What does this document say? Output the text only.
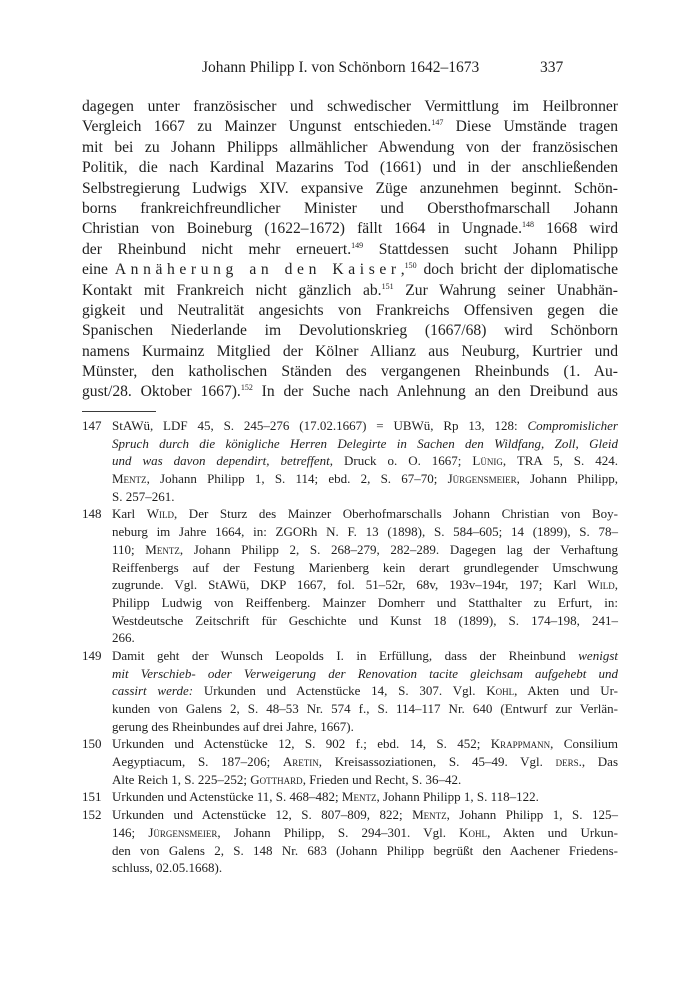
Johann Philipp I. von Schönborn 1642–1673	337
dagegen unter französischer und schwedischer Vermittlung im Heilbronner
Vergleich 1667 zu Mainzer Ungunst entschieden.$^{147}$ Diese Umstände tragen
mit bei zu Johann Philipps allmählicher Abwendung von der französischen
Politik, die nach Kardinal Mazarins Tod (1661) und in der anschließenden
Selbstregierung Ludwigs XIV. expansive Züge anzunehmen beginnt. Schön-
borns frankreichfreundlicher Minister und Obersthofmarschall Johann
Christian von Boineburg (1622–1672) fällt 1664 in Ungnade.$^{148}$ 1668 wird
der Rheinbund nicht mehr erneuert.$^{149}$ Stattdessen sucht Johann Philipp
eine Annäherung an den Kaiser,$^{150}$ doch bricht der diplomatische
Kontakt mit Frankreich nicht gänzlich ab.$^{151}$ Zur Wahrung seiner Unabhän-
gigkeit und Neutralität angesichts von Frankreichs Offensiven gegen die
Spanischen Niederlande im Devolutionskrieg (1667/68) wird Schönborn
namens Kurmainz Mitglied der Kölner Allianz aus Neuburg, Kurtrier und
Münster, den katholischen Ständen des vergangenen Rheinbunds (1. Au-
gust/28. Oktober 1667).$^{152}$ In der Suche nach Anlehnung an den Dreibund aus
147 StAWü, LDF 45, S. 245–276 (17.02.1667) = UBWü, Rp 13, 128: Compromislicher
Spruch durch die königliche Herren Delegirte in Sachen den Wildfang, Zoll, Gleid
und was davon dependirt, betreffent, Druck o. O. 1667; Lünig, TRA 5, S. 424.
Mentz, Johann Philipp 1, S. 114; ebd. 2, S. 67–70; Jürgensmeier, Johann Philipp,
S. 257–261.
148 Karl Wild, Der Sturz des Mainzer Oberhofmarschalls Johann Christian von Boy-
neburg im Jahre 1664, in: ZGORh N. F. 13 (1898), S. 584–605; 14 (1899), S. 78–
110; Mentz, Johann Philipp 2, S. 268–279, 282–289. Dagegen lag der Verhaftung
Reiffenbergs auf der Festung Marienberg kein derart grundlegender Umschwung
zugrunde. Vgl. StAWü, DKP 1667, fol. 51–52r, 68v, 193v–194r, 197; Karl Wild,
Philipp Ludwig von Reiffenberg. Mainzer Domherr und Statthalter zu Erfurt, in:
Westdeutsche Zeitschrift für Geschichte und Kunst 18 (1899), S. 174–198, 241–
266.
149 Damit geht der Wunsch Leopolds I. in Erfüllung, dass der Rheinbund wenigst
mit Verschieb- oder Verweigerung der Renovation tacite gleichsam aufgehebt und
cassirt werde: Urkunden und Actenstücke 14, S. 307. Vgl. Kohl, Akten und Ur-
kunden von Galens 2, S. 48–53 Nr. 574 f., S. 114–117 Nr. 640 (Entwurf zur Verlän-
gerung des Rheinbundes auf drei Jahre, 1667).
150 Urkunden und Actenstücke 12, S. 902 f.; ebd. 14, S. 452; Krappmann, Consilium
Aegyptiacum, S. 187–206; Aretin, Kreisassoziationen, S. 45–49. Vgl. ders., Das
Alte Reich 1, S. 225–252; Gotthard, Frieden und Recht, S. 36–42.
151 Urkunden und Actenstücke 11, S. 468–482; Mentz, Johann Philipp 1, S. 118–122.
152 Urkunden und Actenstücke 12, S. 807–809, 822; Mentz, Johann Philipp 1, S. 125–
146; Jürgensmeier, Johann Philipp, S. 294–301. Vgl. Kohl, Akten und Urkun-
den von Galens 2, S. 148 Nr. 683 (Johann Philipp begrüßt den Aachener Friedens-
schluss, 02.05.1668).
